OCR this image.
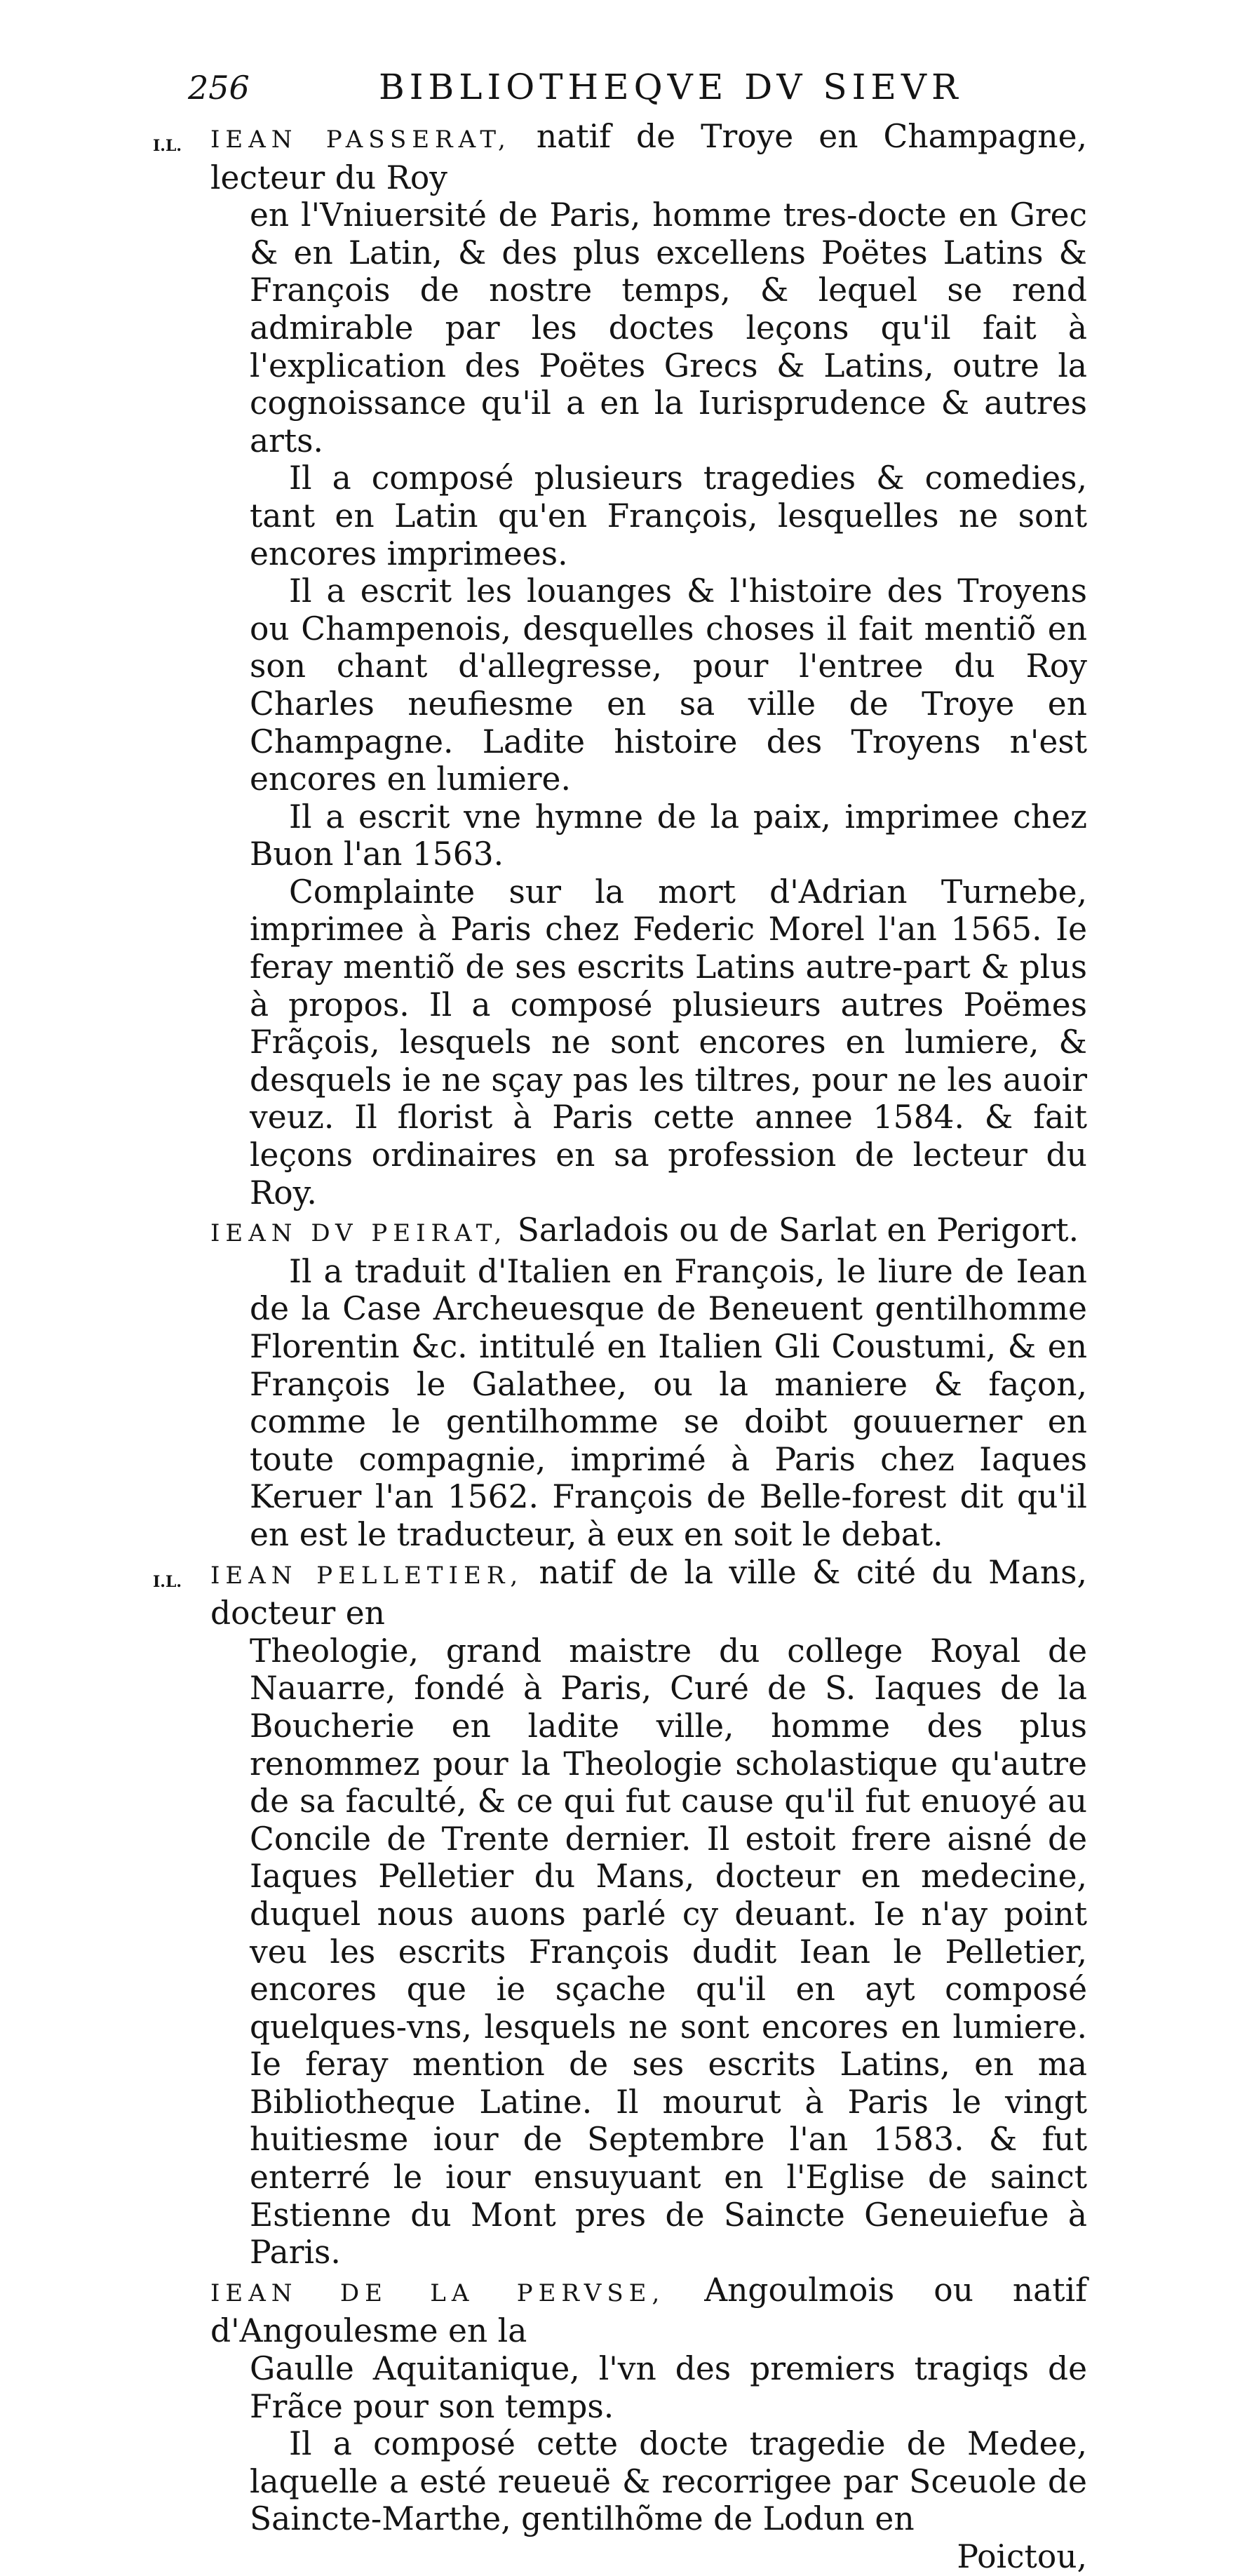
256	BIBLIOTHEQVE DV SIEVR

I.L. IEAN PASSERAT, natif de Troye en Champagne, lecteur du Roy

en l'Vniuersité de Paris, homme tres-docte en Grec & en Latin, & des plus excellens Poëtes Latins & François de nostre temps, & lequel se rend admirable par les doctes leçons qu'il fait à l'explication des Poëtes Grecs & Latins, outre la cognoissance qu'il a en la Iurisprudence & autres arts.

Il a composé plusieurs tragedies & comedies, tant en Latin qu'en François, lesquelles ne sont encores imprimees.

Il a escrit les louanges & l'histoire des Troyens ou Champenois, desquelles choses il fait mentiõ en son chant d'allegresse, pour l'entree du Roy Charles neufiesme en sa ville de Troye en Champagne. Ladite histoire des Troyens n'est encores en lumiere.

Il a escrit vne hymne de la paix, imprimee chez Buon l'an 1563.

Complainte sur la mort d'Adrian Turnebe, imprimee à Paris chez Federic Morel l'an 1565. Ie feray mentiõ de ses escrits Latins autre-part & plus à propos. Il a composé plusieurs autres Poëmes Frãçois, lesquels ne sont encores en lumiere, & desquels ie ne sçay pas les tiltres, pour ne les auoir veuz. Il florist à Paris cette annee 1584. & fait leçons ordinaires en sa profession de lecteur du Roy.

IEAN DV PEIRAT, Sarladois ou de Sarlat en Perigort.

Il a traduit d'Italien en François, le liure de Iean de la Case Archeuesque de Beneuent gentilhomme Florentin &c. intitulé en Italien Gli Coustumi, & en François le Galathee, ou la maniere & façon, comme le gentilhomme se doibt gouuerner en toute compagnie, imprimé à Paris chez Iaques Keruer l'an 1562. François de Belle-forest dit qu'il en est le traducteur, à eux en soit le debat.

I.L. IEAN PELLETIER, natif de la ville & cité du Mans, docteur en

Theologie, grand maistre du college Royal de Nauarre, fondé à Paris, Curé de S. Iaques de la Boucherie en ladite ville, homme des plus renommez pour la Theologie scholastique qu'autre de sa faculté, & ce qui fut cause qu'il fut enuoyé au Concile de Trente dernier. Il estoit frere aisné de Iaques Pelletier du Mans, docteur en medecine, duquel nous auons parlé cy deuant. Ie n'ay point veu les escrits François dudit Iean le Pelletier, encores que ie sçache qu'il en ayt composé quelques-vns, lesquels ne sont encores en lumiere. Ie feray mention de ses escrits Latins, en ma Bibliotheque Latine. Il mourut à Paris le vingt huitiesme iour de Septembre l'an 1583. & fut enterré le iour ensuyuant en l'Eglise de sainct Estienne du Mont pres de Saincte Geneuiefue à Paris.

IEAN DE LA PERVSE, Angoulmois ou natif d'Angoulesme en la

Gaulle Aquitanique, l'vn des premiers tragiqs de Frãce pour son temps.

Il a composé cette docte tragedie de Medee, laquelle a esté reueuë & recorrigee par Sceuole de Saincte-Marthe, gentilhõme de Lodun en

Poictou,
